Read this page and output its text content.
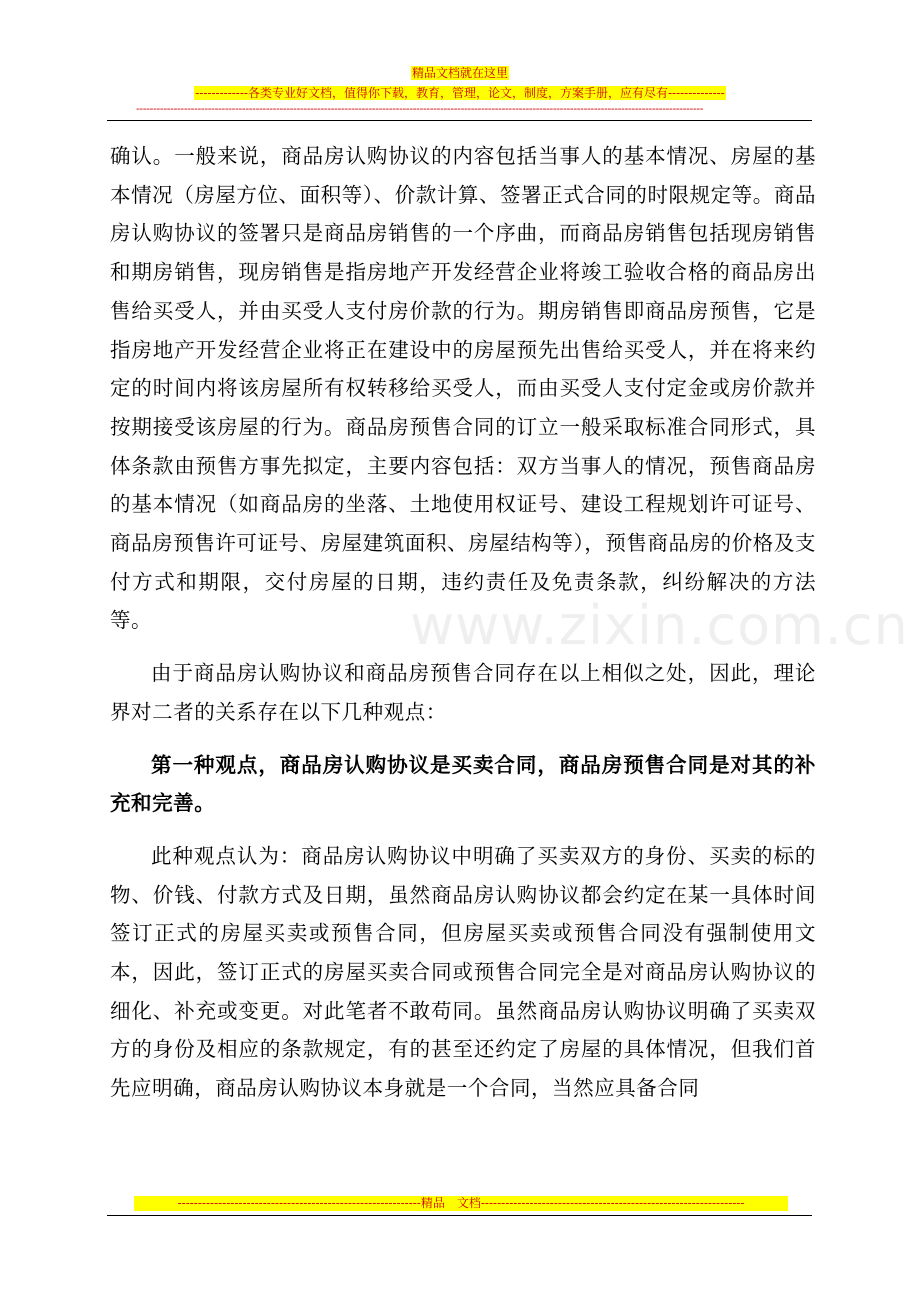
精品文档就在这里
-------------各类专业好文档，值得你下载，教育，管理，论文，制度，方案手册，应有尽有--------------
----------------------------------------------------------------------------------------------------------------------------------------------------------------------
www.zixin.com.cn

确认。一般来说，商品房认购协议的内容包括当事人的基本情况、房屋的基本情况（房屋方位、面积等）、价款计算、签署正式合同的时限规定等。商品房认购协议的签署只是商品房销售的一个序曲，而商品房销售包括现房销售和期房销售，现房销售是指房地产开发经营企业将竣工验收合格的商品房出售给买受人，并由买受人支付房价款的行为。期房销售即商品房预售，它是指房地产开发经营企业将正在建设中的房屋预先出售给买受人，并在将来约定的时间内将该房屋所有权转移给买受人，而由买受人支付定金或房价款并按期接受该房屋的行为。商品房预售合同的订立一般采取标准合同形式，具体条款由预售方事先拟定，主要内容包括：双方当事人的情况，预售商品房的基本情况（如商品房的坐落、土地使用权证号、建设工程规划许可证号、商品房预售许可证号、房屋建筑面积、房屋结构等），预售商品房的价格及支付方式和期限，交付房屋的日期，违约责任及免责条款，纠纷解决的方法等。

由于商品房认购协议和商品房预售合同存在以上相似之处，因此，理论界对二者的关系存在以下几种观点：

第一种观点，商品房认购协议是买卖合同，商品房预售合同是对其的补充和完善。

此种观点认为：商品房认购协议中明确了买卖双方的身份、买卖的标的物、价钱、付款方式及日期，虽然商品房认购协议都会约定在某一具体时间签订正式的房屋买卖或预售合同，但房屋买卖或预售合同没有强制使用文本，因此，签订正式的房屋买卖合同或预售合同完全是对商品房认购协议的细化、补充或变更。对此笔者不敢苟同。虽然商品房认购协议明确了买卖双方的身份及相应的条款规定，有的甚至还约定了房屋的具体情况，但我们首先应明确，商品房认购协议本身就是一个合同，当然应具备合同

------------------------------------------------------------精品　文档-----------------------------------------------------------------
